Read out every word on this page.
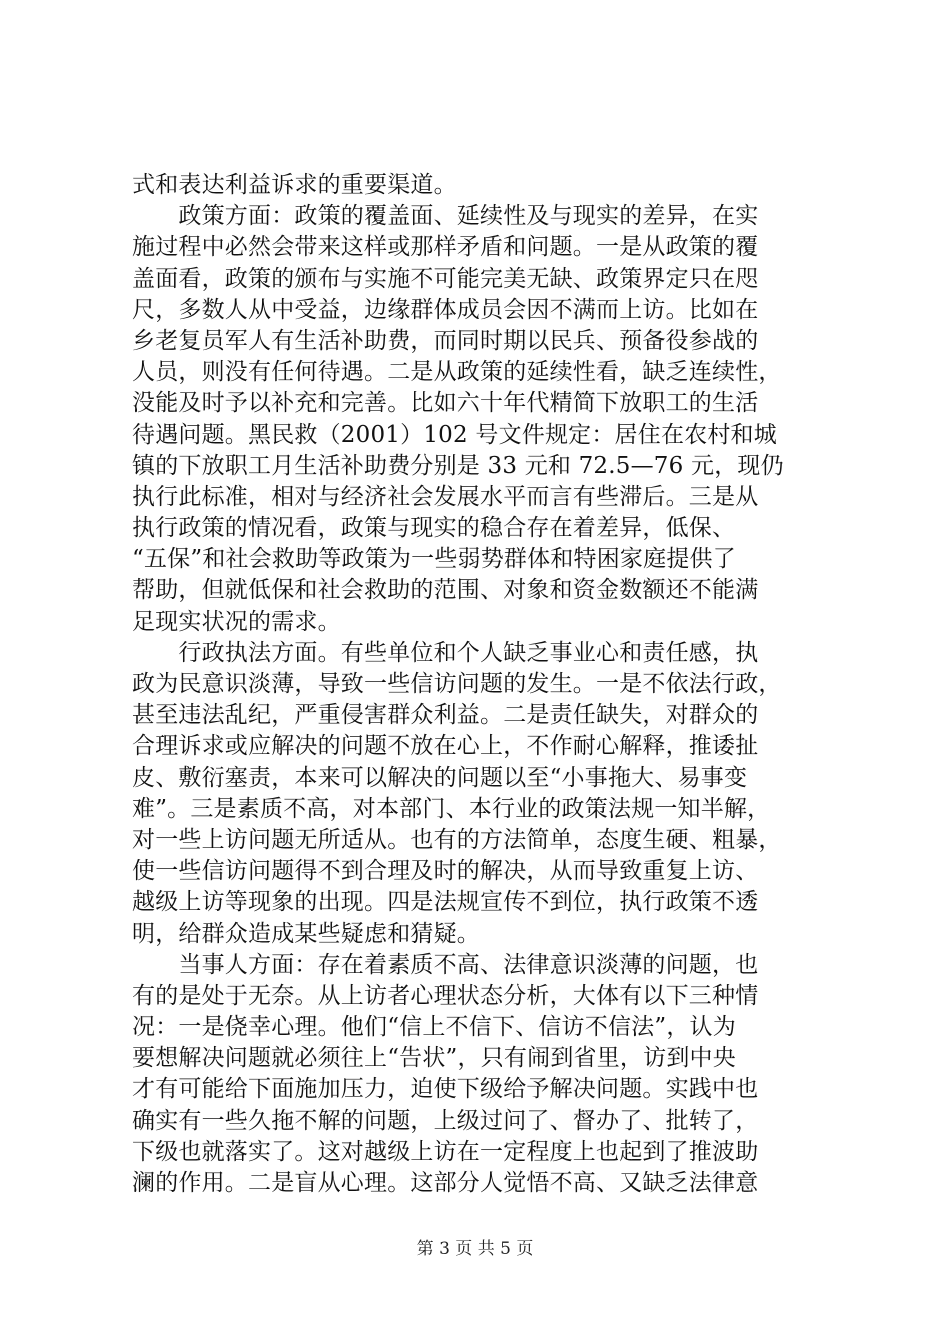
式和表达利益诉求的重要渠道。
　　政策方面：政策的覆盖面、延续性及与现实的差异，在实
施过程中必然会带来这样或那样矛盾和问题。一是从政策的覆
盖面看，政策的颁布与实施不可能完美无缺、政策界定只在咫
尺，多数人从中受益，边缘群体成员会因不满而上访。比如在
乡老复员军人有生活补助费，而同时期以民兵、预备役参战的
人员，则没有任何待遇。二是从政策的延续性看，缺乏连续性，
没能及时予以补充和完善。比如六十年代精简下放职工的生活
待遇问题。黑民救（2001）102 号文件规定：居住在农村和城
镇的下放职工月生活补助费分别是 33 元和 72.5—76 元，现仍
执行此标准，相对与经济社会发展水平而言有些滞后。三是从
执行政策的情况看，政策与现实的稳合存在着差异，低保、
“五保”和社会救助等政策为一些弱势群体和特困家庭提供了
帮助，但就低保和社会救助的范围、对象和资金数额还不能满
足现实状况的需求。
　　行政执法方面。有些单位和个人缺乏事业心和责任感，执
政为民意识淡薄，导致一些信访问题的发生。一是不依法行政，
甚至违法乱纪，严重侵害群众利益。二是责任缺失，对群众的
合理诉求或应解决的问题不放在心上，不作耐心解释，推诿扯
皮、敷衍塞责，本来可以解决的问题以至“小事拖大、易事变
难”。三是素质不高，对本部门、本行业的政策法规一知半解，
对一些上访问题无所适从。也有的方法简单，态度生硬、粗暴，
使一些信访问题得不到合理及时的解决，从而导致重复上访、
越级上访等现象的出现。四是法规宣传不到位，执行政策不透
明，给群众造成某些疑虑和猜疑。
　　当事人方面：存在着素质不高、法律意识淡薄的问题，也
有的是处于无奈。从上访者心理状态分析，大体有以下三种情
况：一是侥幸心理。他们“信上不信下、信访不信法”，认为
要想解决问题就必须往上“告状”，只有闹到省里，访到中央
才有可能给下面施加压力，迫使下级给予解决问题。实践中也
确实有一些久拖不解的问题，上级过问了、督办了、批转了，
下级也就落实了。这对越级上访在一定程度上也起到了推波助
澜的作用。二是盲从心理。这部分人觉悟不高、又缺乏法律意
第 3 页 共 5 页
